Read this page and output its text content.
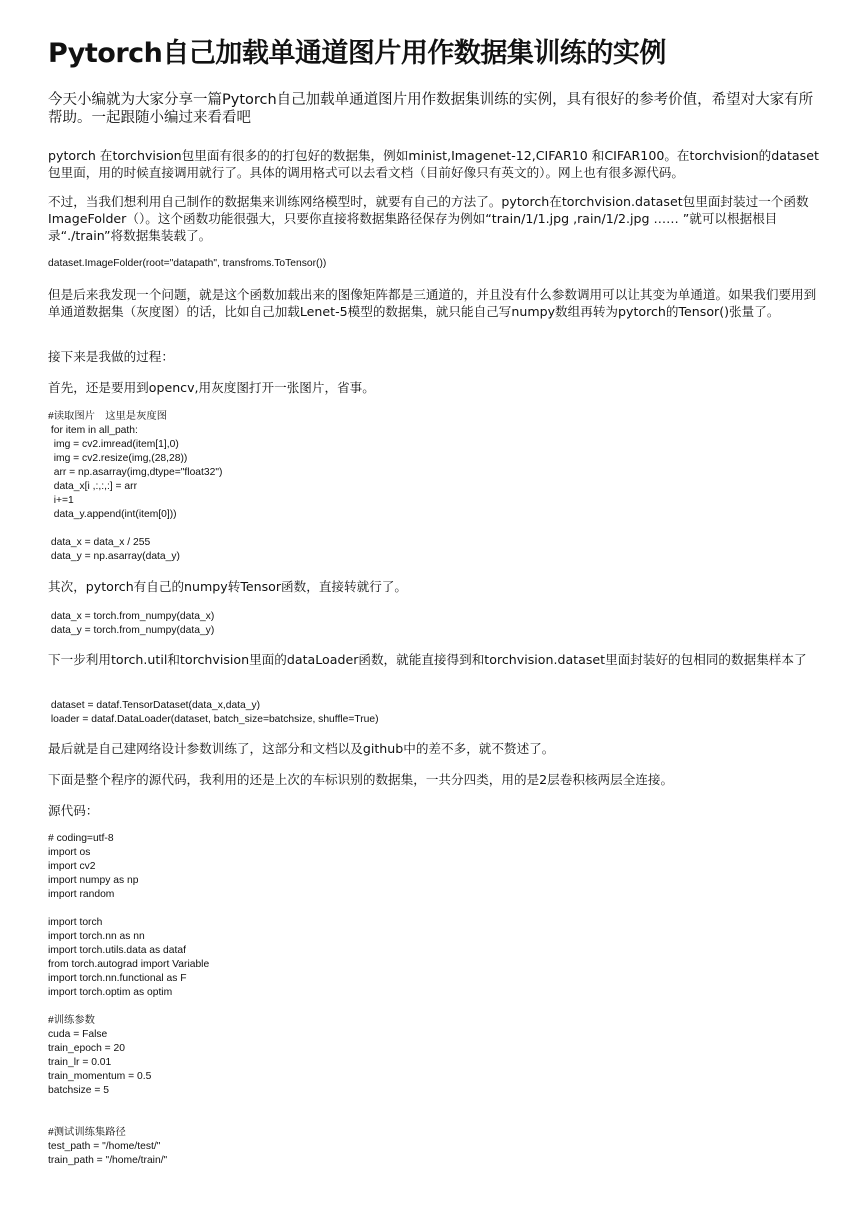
Pytorch自己加载单通道图片用作数据集训练的实例
今天小编就为大家分享一篇Pytorch自己加载单通道图片用作数据集训练的实例，具有很好的参考价值，希望对大家有所帮助。一起跟随小编过来看看吧
pytorch 在torchvision包里面有很多的的打包好的数据集，例如minist,Imagenet-12,CIFAR10 和CIFAR100。在torchvision的dataset包里面，用的时候直接调用就行了。具体的调用格式可以去看文档（目前好像只有英文的）。网上也有很多源代码。
不过，当我们想利用自己制作的数据集来训练网络模型时，就要有自己的方法了。pytorch在torchvision.dataset包里面封装过一个函数ImageFolder（）。这个函数功能很强大，只要你直接将数据集路径保存为例如“train/1/1.jpg ,rain/1/2.jpg …… ”就可以根据根目录“./train”将数据集装载了。
dataset.ImageFolder(root="datapath", transfroms.ToTensor())
但是后来我发现一个问题，就是这个函数加载出来的图像矩阵都是三通道的，并且没有什么参数调用可以让其变为单通道。如果我们要用到单通道数据集（灰度图）的话，比如自己加载Lenet-5模型的数据集，就只能自己写numpy数组再转为pytorch的Tensor()张量了。
接下来是我做的过程：
首先，还是要用到opencv,用灰度图打开一张图片，省事。
#读取图片　这里是灰度图
for item in all_path:
img = cv2.imread(item[1],0)
img = cv2.resize(img,(28,28))
arr = np.asarray(img,dtype="float32")
data_x[i ,:,:,:] = arr
i+=1
data_y.append(int(item[0]))

data_x = data_x / 255
data_y = np.asarray(data_y)
其次，pytorch有自己的numpy转Tensor函数，直接转就行了。
data_x = torch.from_numpy(data_x)
data_y = torch.from_numpy(data_y)
下一步利用torch.util和torchvision里面的dataLoader函数，就能直接得到和torchvision.dataset里面封装好的包相同的数据集样本了
dataset = dataf.TensorDataset(data_x,data_y)
loader = dataf.DataLoader(dataset, batch_size=batchsize, shuffle=True)
最后就是自己建网络设计参数训练了，这部分和文档以及github中的差不多，就不赘述了。
下面是整个程序的源代码，我利用的还是上次的车标识别的数据集，一共分四类，用的是2层卷积核两层全连接。
源代码：
# coding=utf-8
import os
import cv2
import numpy as np
import random

import torch
import torch.nn as nn
import torch.utils.data as dataf
from torch.autograd import Variable
import torch.nn.functional as F
import torch.optim as optim

#训练参数
cuda = False
train_epoch = 20
train_lr = 0.01
train_momentum = 0.5
batchsize = 5

#测试训练集路径
test_path = "/home/test/"
train_path = "/home/train/"
